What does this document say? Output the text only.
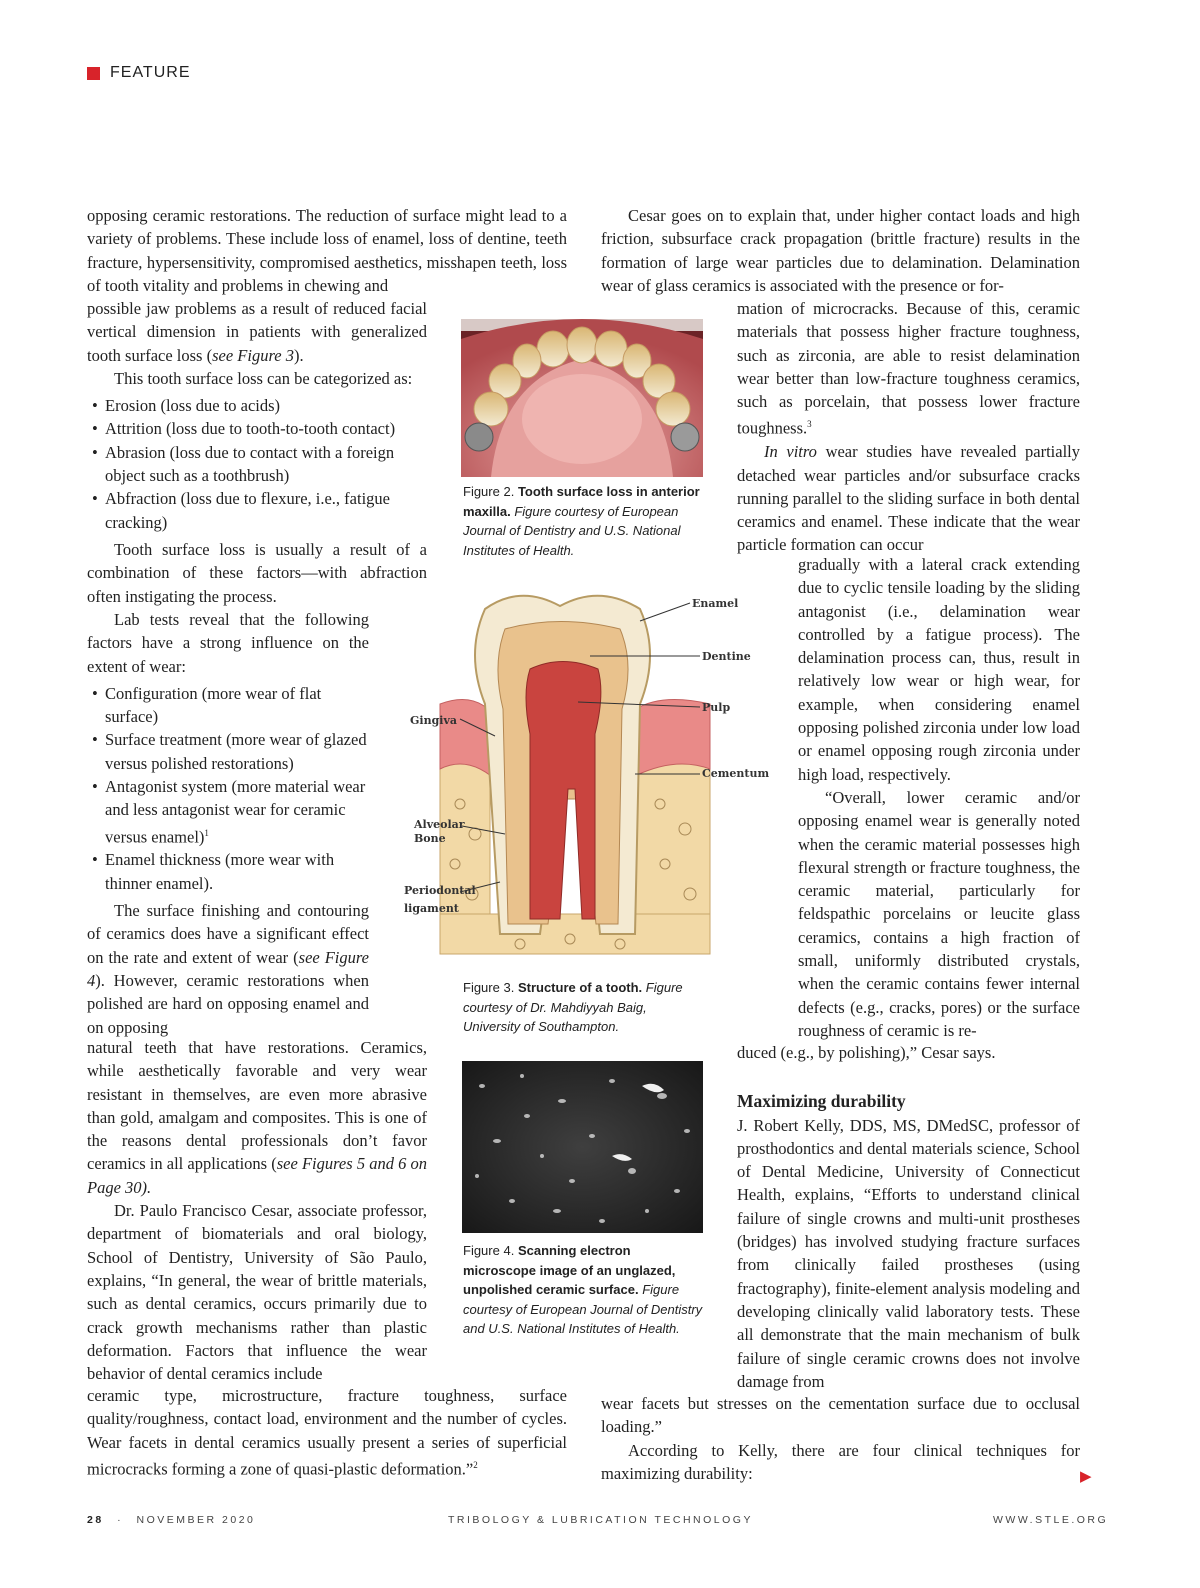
FEATURE

opposing ceramic restorations. The reduction of surface might lead to a variety of problems. These include loss of enamel, loss of dentine, teeth fracture, hypersensitivity, compromised aesthetics, misshapen teeth, loss of tooth vitality and problems in chewing and

possible jaw problems as a result of reduced facial vertical dimension in patients with generalized tooth surface loss (see Figure 3).

This tooth surface loss can be categorized as:

• Erosion (loss due to acids)
• Attrition (loss due to tooth-to-tooth contact)
• Abrasion (loss due to contact with a foreign object such as a toothbrush)
• Abfraction (loss due to flexure, i.e., fatigue cracking)

Tooth surface loss is usually a result of a combination of these factors—with abfraction often instigating the process.

Lab tests reveal that the following factors have a strong influence on the extent of wear:

• Configuration (more wear of flat surface)
• Surface treatment (more wear of glazed versus polished restorations)
• Antagonist system (more material wear and less antagonist wear for ceramic versus enamel)$^1$
• Enamel thickness (more wear with thinner enamel).

The surface finishing and contouring of ceramics does have a significant effect on the rate and extent of wear (see Figure 4). However, ceramic restorations when polished are hard on opposing enamel and on opposing

natural teeth that have restorations. Ceramics, while aesthetically favorable and very wear resistant in themselves, are even more abrasive than gold, amalgam and composites. This is one of the reasons dental professionals don’t favor ceramics in all applications (see Figures 5 and 6 on Page 30).

Dr. Paulo Francisco Cesar, associate professor, department of biomaterials and oral biology, School of Dentistry, University of São Paulo, explains, “In general, the wear of brittle materials, such as dental ceramics, occurs primarily due to crack growth mechanisms rather than plastic deformation. Factors that influence the wear behavior of dental ceramics include

ceramic type, microstructure, fracture toughness, surface quality/roughness, contact load, environment and the number of cycles. Wear facets in dental ceramics usually present a series of superficial microcracks forming a zone of quasi-plastic deformation.”$^2$

Cesar goes on to explain that, under higher contact loads and high friction, subsurface crack propagation (brittle fracture) results in the formation of large wear particles due to delamination. Delamination wear of glass ceramics is associated with the presence or for-

mation of microcracks. Because of this, ceramic materials that possess higher fracture toughness, such as zirconia, are able to resist delamination wear better than low-fracture toughness ceramics, such as porcelain, that possess lower fracture toughness.$^3$

In vitro wear studies have revealed partially detached wear particles and/or subsurface cracks running parallel to the sliding surface in both dental ceramics and enamel. These indicate that the wear particle formation can occur

gradually with a lateral crack extending due to cyclic tensile loading by the sliding antagonist (i.e., delamination wear controlled by a fatigue process). The delamination process can, thus, result in relatively low wear or high wear, for example, when considering enamel opposing polished zirconia under low load or enamel opposing rough zirconia under high load, respectively.

“Overall, lower ceramic and/or opposing enamel wear is generally noted when the ceramic material possesses high flexural strength or fracture toughness, the ceramic material, particularly for feldspathic porcelains or leucite glass ceramics, contains a high fraction of small, uniformly distributed crystals, when the ceramic contains fewer internal defects (e.g., cracks, pores) or the surface roughness of ceramic is re-

duced (e.g., by polishing),” Cesar says.

Maximizing durability

J. Robert Kelly, DDS, MS, DMedSC, professor of prosthodontics and dental materials science, School of Dental Medicine, University of Connecticut Health, explains, “Efforts to understand clinical failure of single crowns and multi-unit prostheses (bridges) has involved studying fracture surfaces from clinically failed prostheses (using fractography), finite-element analysis modeling and developing clinically valid laboratory tests. These all demonstrate that the main mechanism of bulk failure of single ceramic crowns does not involve damage from

wear facets but stresses on the cementation surface due to occlusal loading.”

According to Kelly, there are four clinical techniques for maximizing durability:

Figure 2. Tooth surface loss in anterior maxilla. Figure courtesy of European Journal of Dentistry and U.S. National Institutes of Health.
Enamel
Dentine
Pulp
Cementum
Gingiva
Alveolar
Bone
Periodontal
ligament
Figure 3. Structure of a tooth. Figure courtesy of Dr. Mahdiyyah Baig, University of Southampton.
Figure 4. Scanning electron microscope image of an unglazed, unpolished ceramic surface. Figure courtesy of European Journal of Dentistry and U.S. National Institutes of Health.
▶
28 · NOVEMBER 2020	TRIBOLOGY & LUBRICATION TECHNOLOGY	WWW.STLE.ORG
